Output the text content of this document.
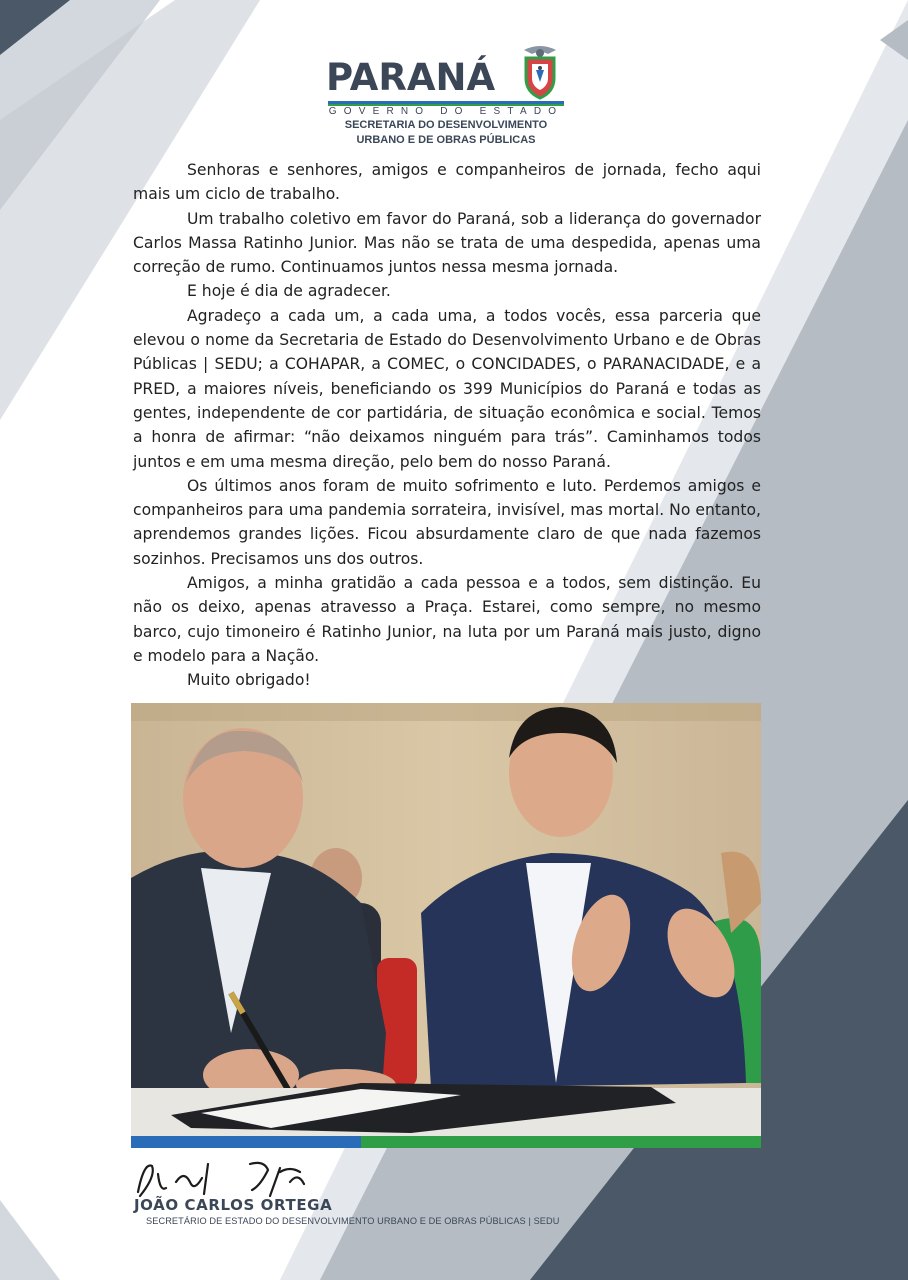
PARANÁ
GOVERNO DO ESTADO
SECRETARIA DO DESENVOLVIMENTO
URBANO E DE OBRAS PÚBLICAS

Senhoras e senhores, amigos e companheiros de jornada, fecho aqui mais um ciclo de trabalho.

Um trabalho coletivo em favor do Paraná, sob a liderança do governador Carlos Massa Ratinho Junior. Mas não se trata de uma despedida, apenas uma correção de rumo. Continuamos juntos nessa mesma jornada.

E hoje é dia de agradecer.

Agradeço a cada um, a cada uma, a todos vocês, essa parceria que elevou o nome da Secretaria de Estado do Desenvolvimento Urbano e de Obras Públicas | SEDU; a COHAPAR, a COMEC, o CONCIDADES, o PARANACIDADE, e a PRED, a maiores níveis, beneficiando os 399 Municípios do Paraná e todas as gentes, independente de cor partidária, de situação econômica e social. Temos a honra de afirmar: “não deixamos ninguém para trás”. Caminhamos todos juntos e em uma mesma direção, pelo bem do nosso Paraná.

Os últimos anos foram de muito sofrimento e luto. Perdemos amigos e companheiros para uma pandemia sorrateira, invisível, mas mortal. No entanto, aprendemos grandes lições. Ficou absurdamente claro de que nada fazemos sozinhos. Precisamos uns dos outros.

Amigos, a minha gratidão a cada pessoa e a todos, sem distinção. Eu não os deixo, apenas atravesso a Praça. Estarei, como sempre, no mesmo barco, cujo timoneiro é Ratinho Junior, na luta por um Paraná mais justo, digno e modelo para a Nação.

Muito obrigado!

JOÃO CARLOS ORTEGA
SECRETÁRIO DE ESTADO DO DESENVOLVIMENTO URBANO E DE OBRAS PÚBLICAS | SEDU
